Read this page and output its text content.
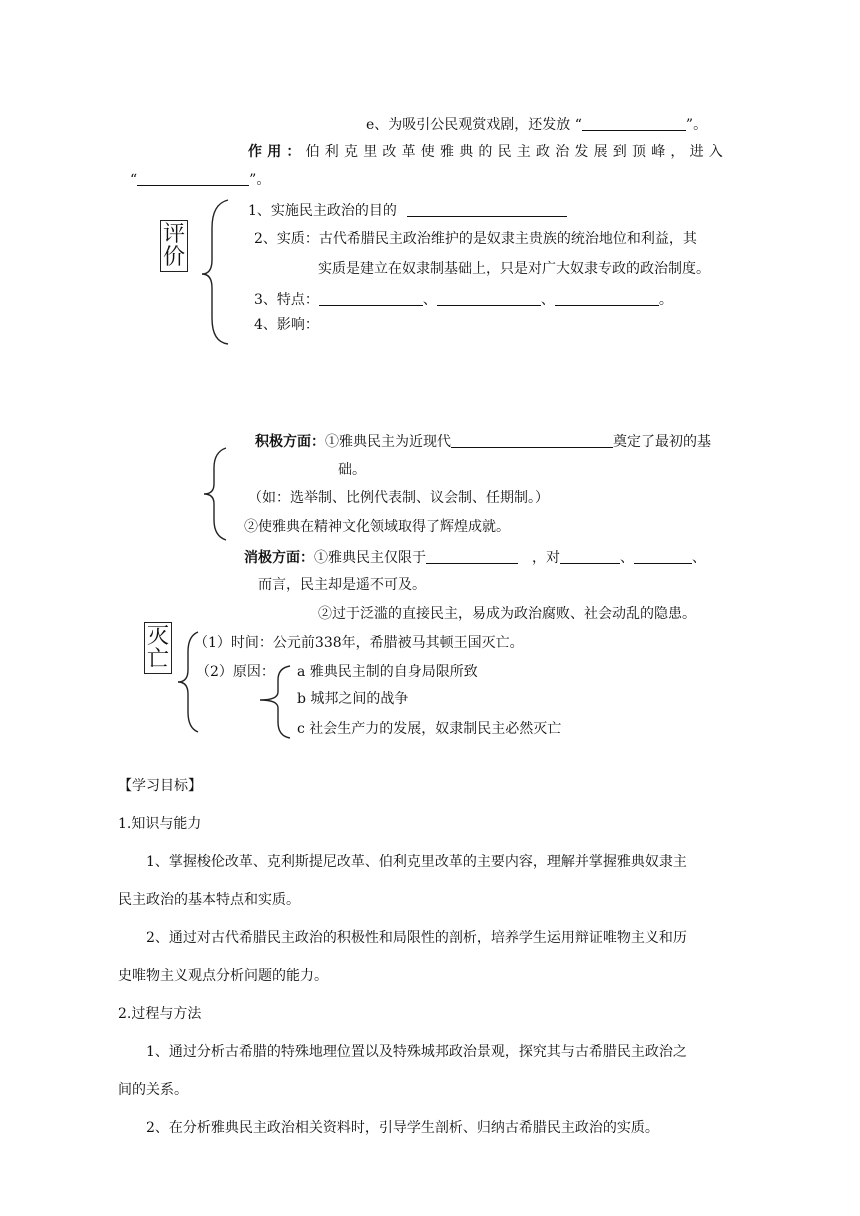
e、为吸引公民观赏戏剧，还发放 “	”。
作用：伯利克里改革使雅典的民主政治发展到顶峰，进入
“	”。
评价
1、实施民主政治的目的
2、实质：古代希腊民主政治维护的是奴隶主贵族的统治地位和利益，其
实质是建立在奴隶制基础上，只是对广大奴隶专政的政治制度。
3、特点：	、	、	。
4、影响：
积极方面：①雅典民主为近现代	奠定了最初的基
础。
（如：选举制、比例代表制、议会制、任期制。）
②使雅典在精神文化领域取得了辉煌成就。
消极方面：①雅典民主仅限于	，对	、	、
而言，民主却是遥不可及。
②过于泛滥的直接民主，易成为政治腐败、社会动乱的隐患。
灭亡
（1）时间：公元前338年，希腊被马其顿王国灭亡。
（2）原因： a 雅典民主制的自身局限所致
b 城邦之间的战争
c 社会生产力的发展，奴隶制民主必然灭亡
【学习目标】
1.知识与能力
1、掌握梭伦改革、克利斯提尼改革、伯利克里改革的主要内容，理解并掌握雅典奴隶主
民主政治的基本特点和实质。
2、通过对古代希腊民主政治的积极性和局限性的剖析，培养学生运用辩证唯物主义和历
史唯物主义观点分析问题的能力。
2.过程与方法
1、通过分析古希腊的特殊地理位置以及特殊城邦政治景观，探究其与古希腊民主政治之
间的关系。
2、在分析雅典民主政治相关资料时，引导学生剖析、归纳古希腊民主政治的实质。
